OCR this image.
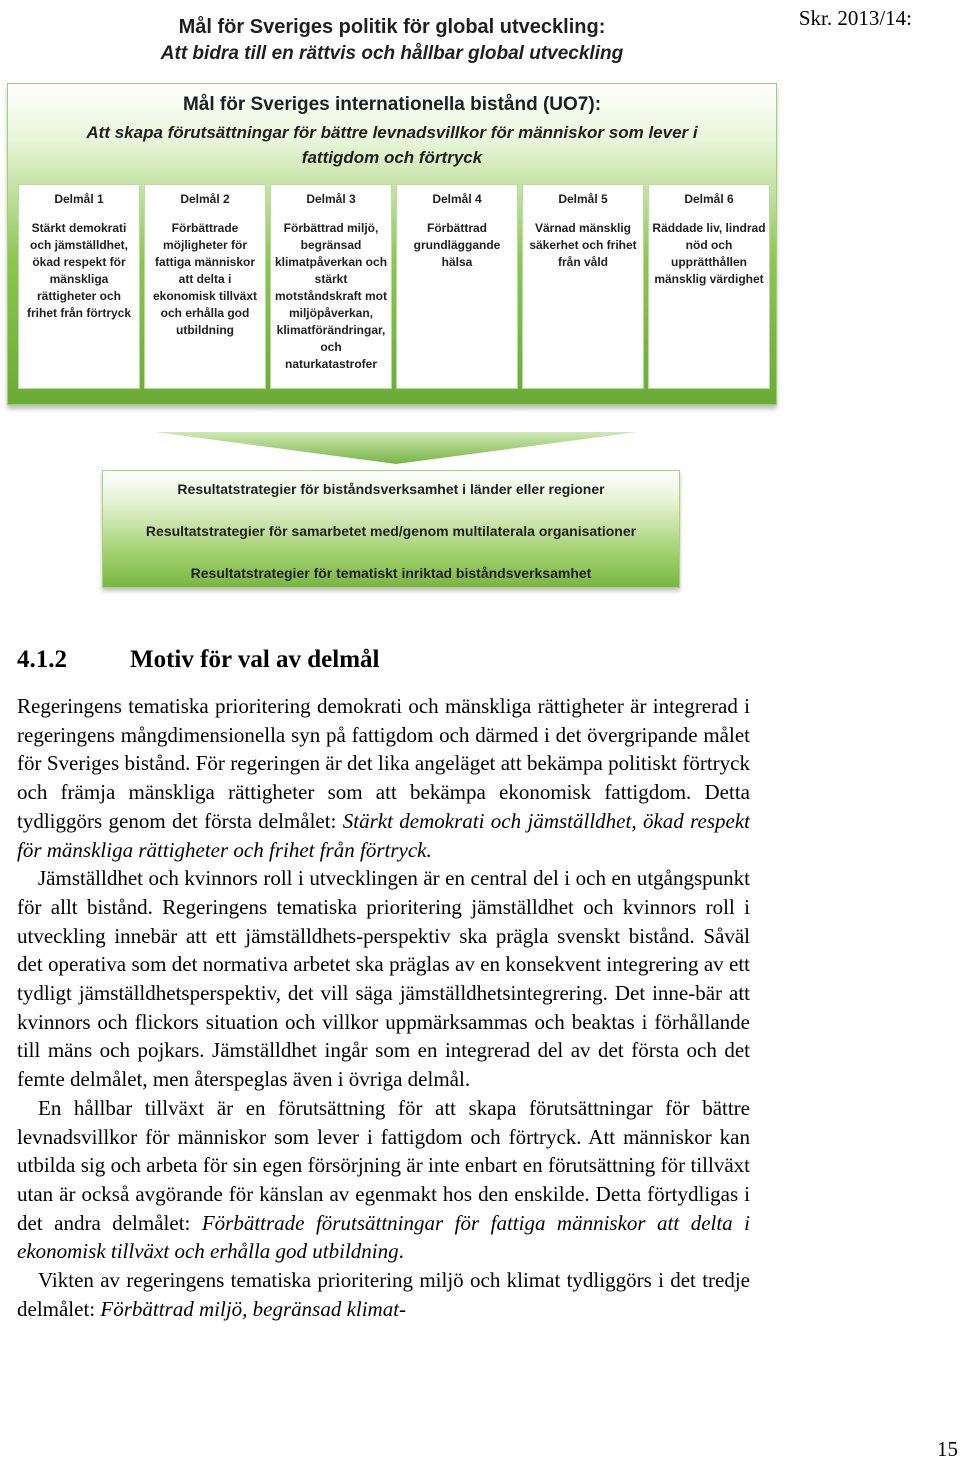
Skr. 2013/14:
Mål för Sveriges politik för global utveckling:
Att bidra till en rättvis och hållbar global utveckling
Mål för Sveriges internationella bistånd (UO7):
Att skapa förutsättningar för bättre levnadsvillkor för människor som lever i fattigdom och förtryck
Delmål 1
Stärkt demokrati och jämställdhet, ökad respekt för mänskliga rättigheter och frihet från förtryck
Delmål 2
Förbättrade möjligheter för fattiga människor att delta i ekonomisk tillväxt och erhålla god utbildning
Delmål 3
Förbättrad miljö, begränsad klimatpåverkan och stärkt motståndskraft mot miljöpåverkan, klimatförändringar, och naturkatastrofer
Delmål 4
Förbättrad grundläggande hälsa
Delmål 5
Värnad mänsklig säkerhet och frihet från våld
Delmål 6
Räddade liv, lindrad nöd och upprätthållen mänsklig värdighet
Resultatstrategier för biståndsverksamhet i länder eller regioner
Resultatstrategier för samarbetet med/genom multilaterala organisationer
Resultatstrategier för tematiskt inriktad biståndsverksamhet
4.1.2	Motiv för val av delmål

Regeringens tematiska prioritering demokrati och mänskliga rättigheter är integrerad i regeringens mångdimensionella syn på fattigdom och därmed i det övergripande målet för Sveriges bistånd. För regeringen är det lika angeläget att bekämpa politiskt förtryck och främja mänskliga rättigheter som att bekämpa ekonomisk fattigdom. Detta tydliggörs genom det första delmålet: Stärkt demokrati och jämställdhet, ökad respekt för mänskliga rättigheter och frihet från förtryck.

Jämställdhet och kvinnors roll i utvecklingen är en central del i och en utgångspunkt för allt bistånd. Regeringens tematiska prioritering jämställdhet och kvinnors roll i utveckling innebär att ett jämställdhets-perspektiv ska prägla svenskt bistånd. Såväl det operativa som det normativa arbetet ska präglas av en konsekvent integrering av ett tydligt jämställdhetsperspektiv, det vill säga jämställdhetsintegrering. Det inne-bär att kvinnors och flickors situation och villkor uppmärksammas och beaktas i förhållande till mäns och pojkars. Jämställdhet ingår som en integrerad del av det första och det femte delmålet, men återspeglas även i övriga delmål.

En hållbar tillväxt är en förutsättning för att skapa förutsättningar för bättre levnadsvillkor för människor som lever i fattigdom och förtryck. Att människor kan utbilda sig och arbeta för sin egen försörjning är inte enbart en förutsättning för tillväxt utan är också avgörande för känslan av egenmakt hos den enskilde. Detta förtydligas i det andra delmålet: Förbättrade förutsättningar för fattiga människor att delta i ekonomisk tillväxt och erhålla god utbildning.

Vikten av regeringens tematiska prioritering miljö och klimat tydliggörs i det tredje delmålet: Förbättrad miljö, begränsad klimat-

15
